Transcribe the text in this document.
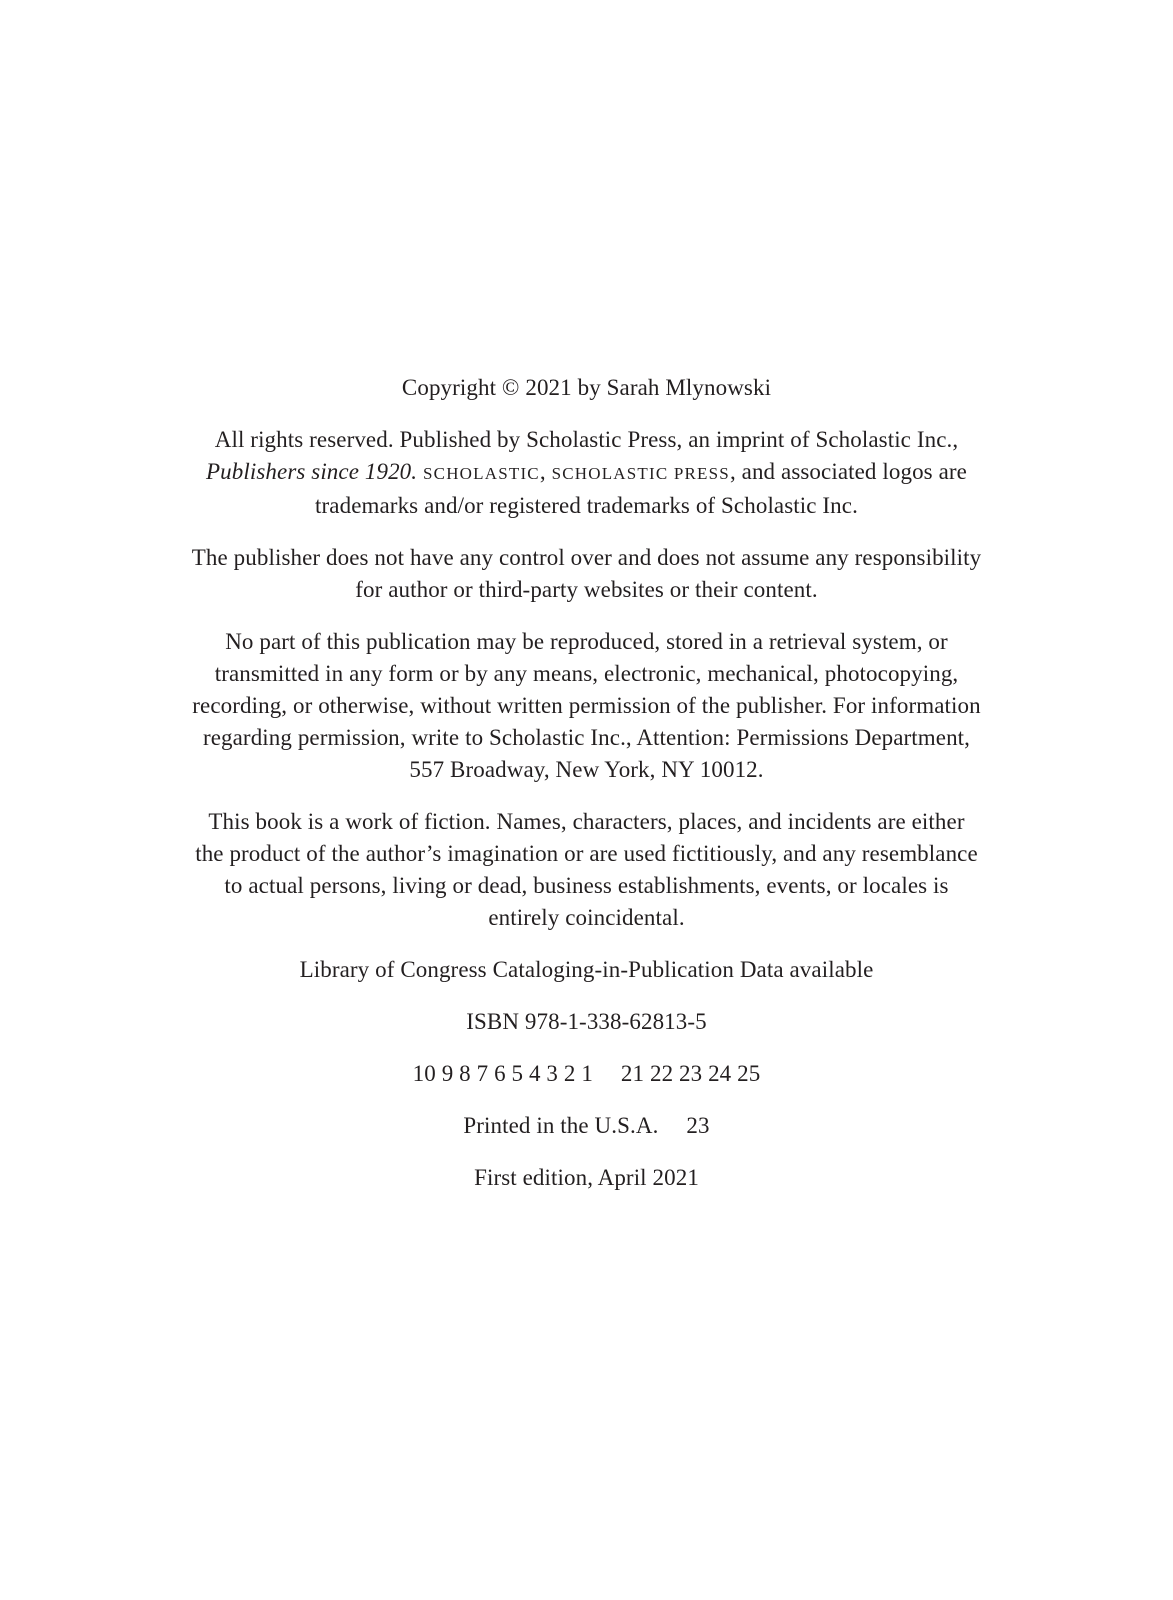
Copyright © 2021 by Sarah Mlynowski

All rights reserved. Published by Scholastic Press, an imprint of Scholastic Inc.,
Publishers since 1920. SCHOLASTIC, SCHOLASTIC PRESS, and associated logos are
trademarks and/or registered trademarks of Scholastic Inc.

The publisher does not have any control over and does not assume any responsibility
for author or third-party websites or their content.

No part of this publication may be reproduced, stored in a retrieval system, or
transmitted in any form or by any means, electronic, mechanical, photocopying,
recording, or otherwise, without written permission of the publisher. For information
regarding permission, write to Scholastic Inc., Attention: Permissions Department,
557 Broadway, New York, NY 10012.

This book is a work of fiction. Names, characters, places, and incidents are either
the product of the author’s imagination or are used fictitiously, and any resemblance
to actual persons, living or dead, business establishments, events, or locales is
entirely coincidental.

Library of Congress Cataloging-in-Publication Data available

ISBN 978-1-338-62813-5

10 9 8 7 6 5 4 3 2 1 21 22 23 24 25

Printed in the U.S.A. 23

First edition, April 2021
